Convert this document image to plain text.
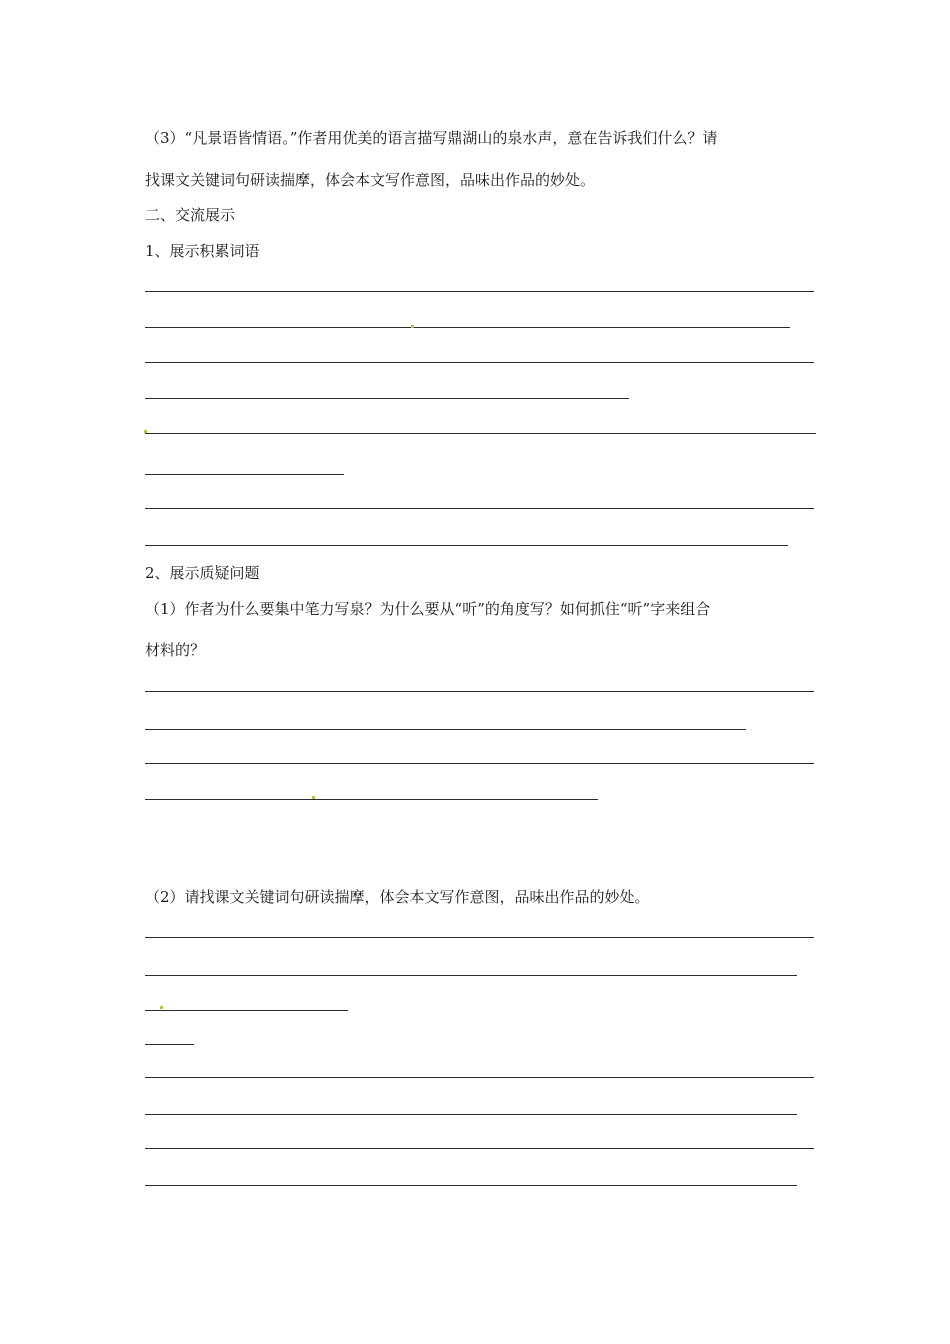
（3）“凡景语皆情语。”作者用优美的语言描写鼎湖山的泉水声，意在告诉我们什么？请
找课文关键词句研读揣摩，体会本文写作意图，品味出作品的妙处。
二、交流展示
1、展示积累词语
2、展示质疑问题
（1）作者为什么要集中笔力写泉？为什么要从“听”的角度写？如何抓住“听”字来组合
材料的？
（2）请找课文关键词句研读揣摩，体会本文写作意图，品味出作品的妙处。
